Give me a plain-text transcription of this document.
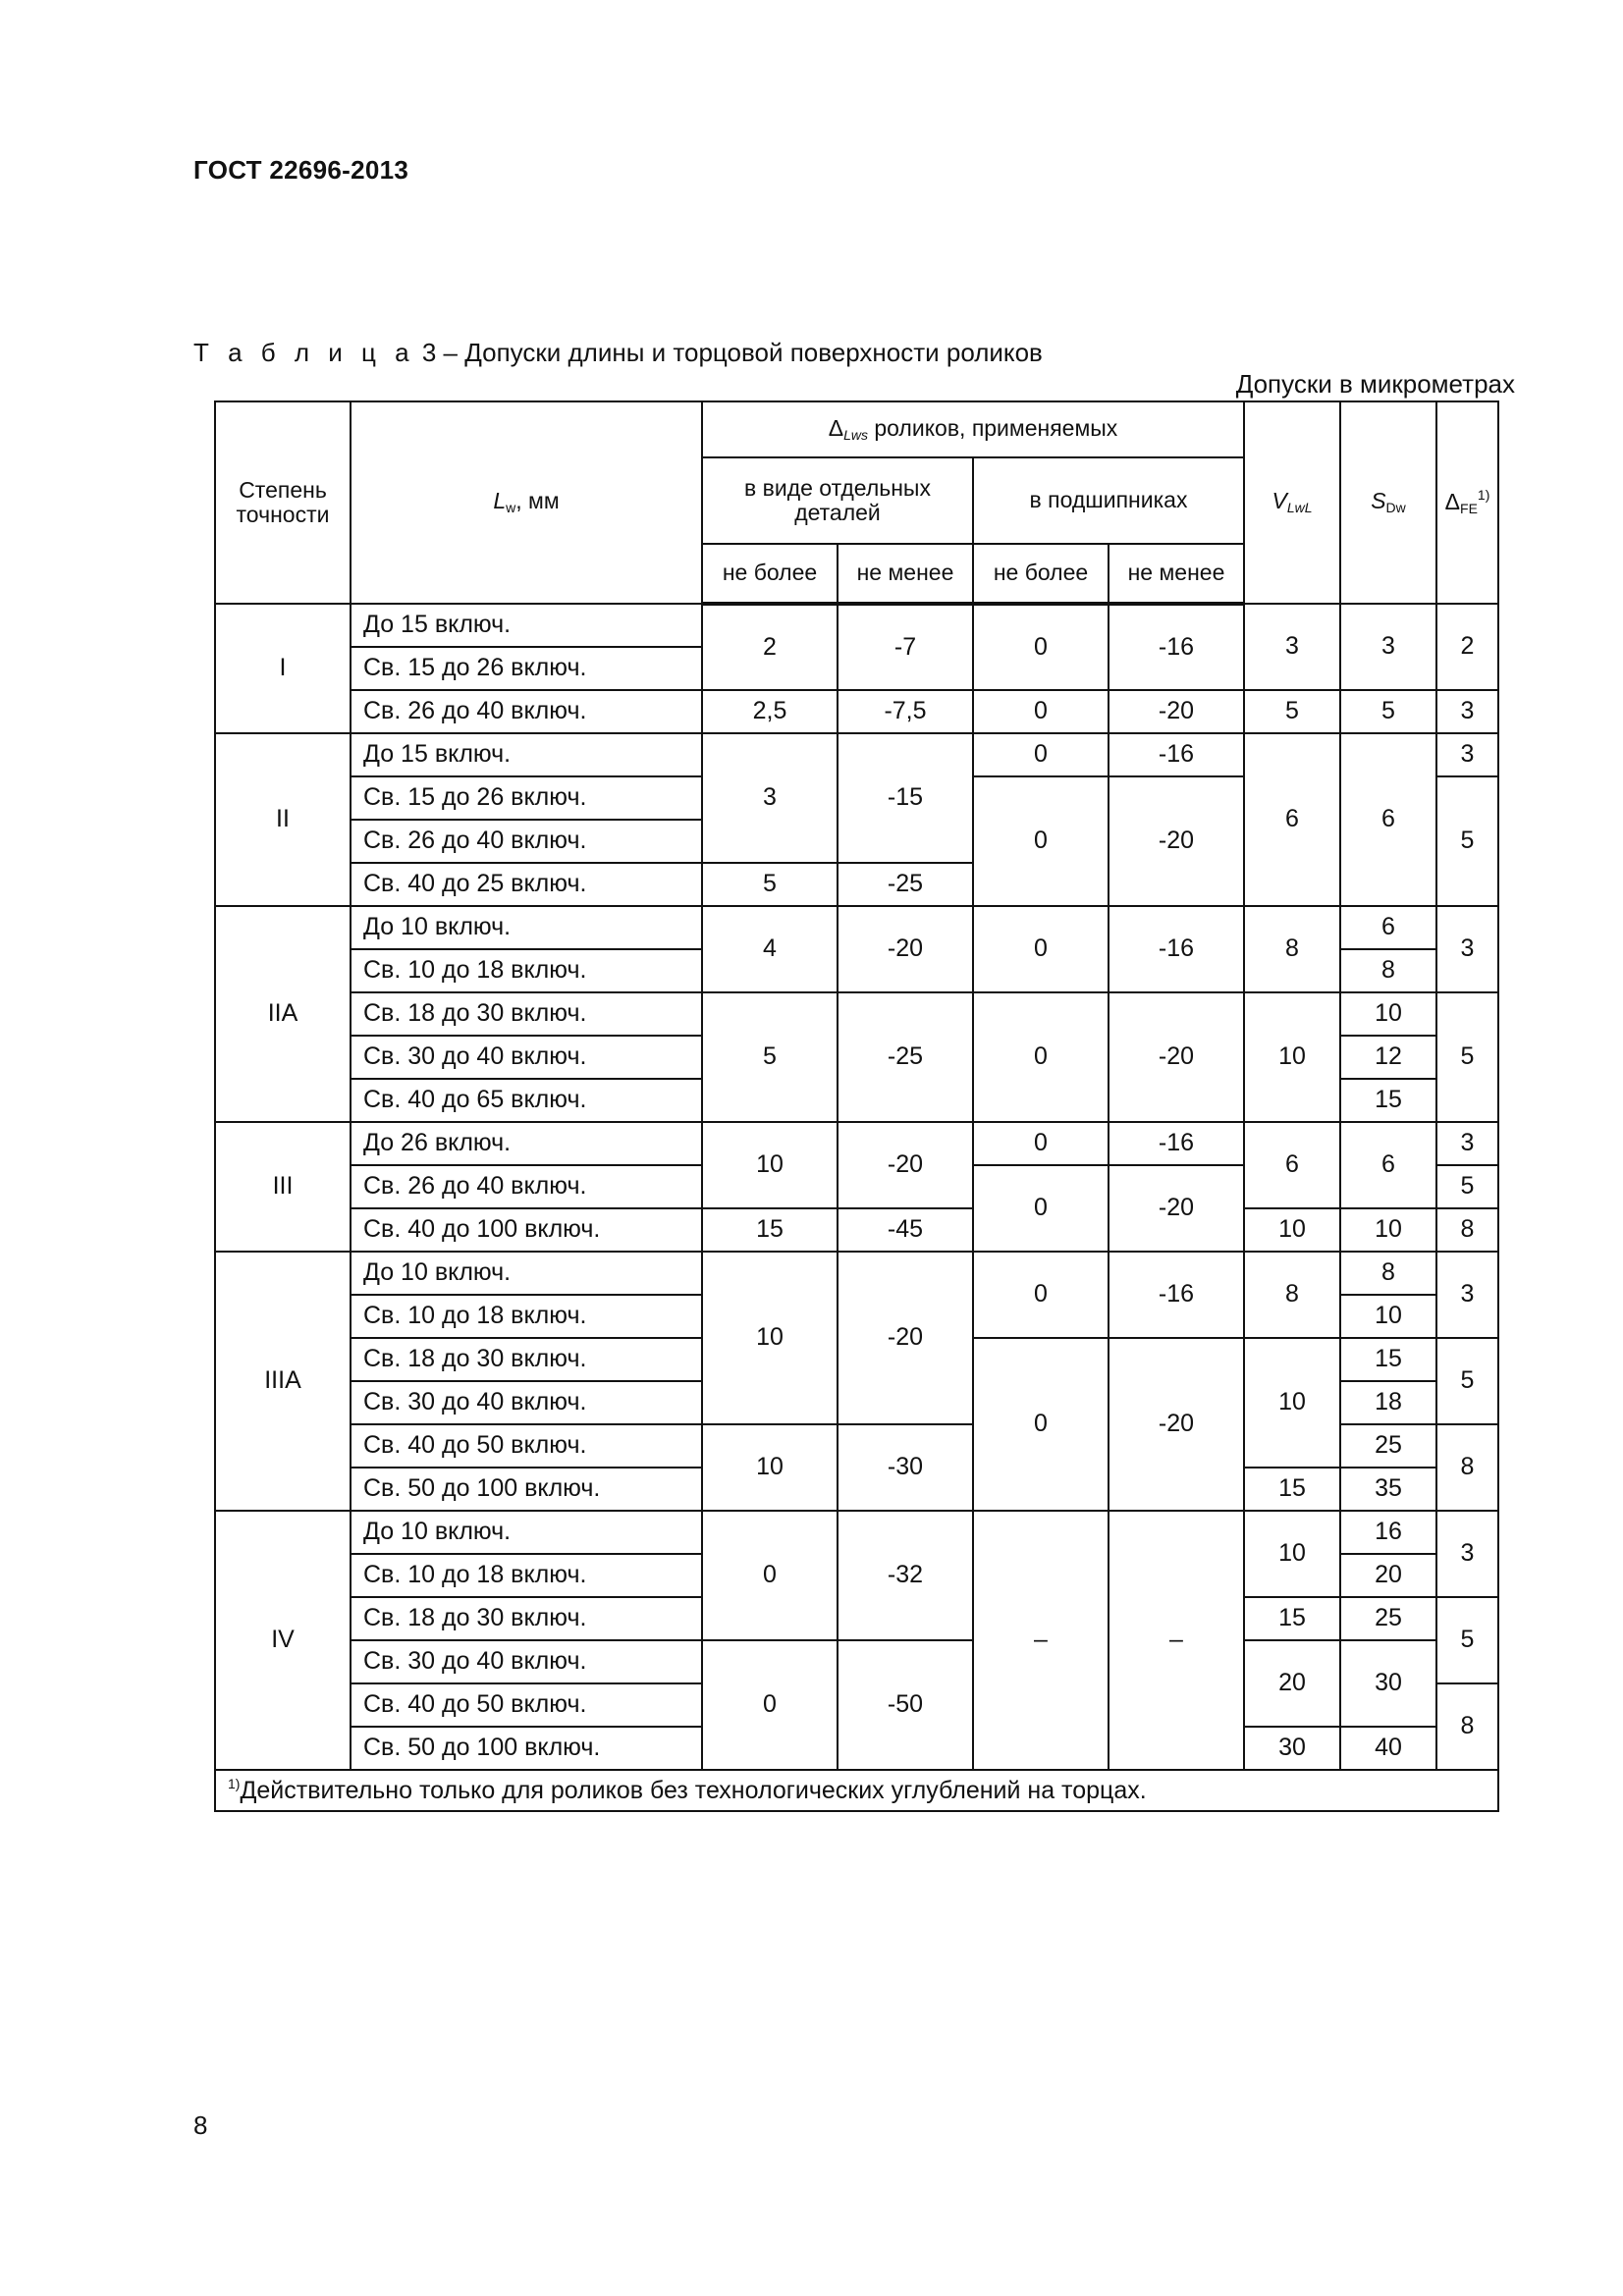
ГОСТ 22696-2013
Т а б л и ц а 3 – Допуски длины и торцовой поверхности роликов
Допуски в микрометрах
Степень точности	$L_w$, мм	$\Delta_{Lws}$ роликов, применяемых				$V_{LwL}$	$S_{Dw}$	$\Delta_{FE}^{1)}$
		в виде отдельных деталей		в подшипниках				
		не более	не менее	не более	не менее			
I	До 15 включ.	2	-7	0	-16	3	3	2
	Св. 15 до 26 включ.							
	Св. 26 до 40 включ.	2,5	-7,5	0	-20	5	5	3
II	До 15 включ.	3	-15	0	-16	6	6	3
	Св. 15 до 26 включ.			0	-20			5
	Св. 26 до 40 включ.							
	Св. 40 до 25 включ.	5	-25					
IIA	До 10 включ.	4	-20	0	-16	8	6	3
	Св. 10 до 18 включ.						8	
	Св. 18 до 30 включ.	5	-25	0	-20	10	10	5
	Св. 30 до 40 включ.						12	
	Св. 40 до 65 включ.						15	
III	До 26 включ.	10	-20	0	-16	6	6	3
	Св. 26 до 40 включ.			0	-20			5
	Св. 40 до 100 включ.	15	-45			10	10	8
IIIA	До 10 включ.	10	-20	0	-16	8	8	3
	Св. 10 до 18 включ.						10	
	Св. 18 до 30 включ.			0	-20	10	15	5
	Св. 30 до 40 включ.						18	
	Св. 40 до 50 включ.	10	-30				25	8
	Св. 50 до 100 включ.					15	35	
IV	До 10 включ.	0	-32	–	–	10	16	3
	Св. 10 до 18 включ.						20	
	Св. 18 до 30 включ.					15	25	5
	Св. 30 до 40 включ.	0	-50			20	30	
	Св. 40 до 50 включ.							8
	Св. 50 до 100 включ.					30	40	
$^{1)}$Действительно только для роликов без технологических углублений на торцах.								
8
